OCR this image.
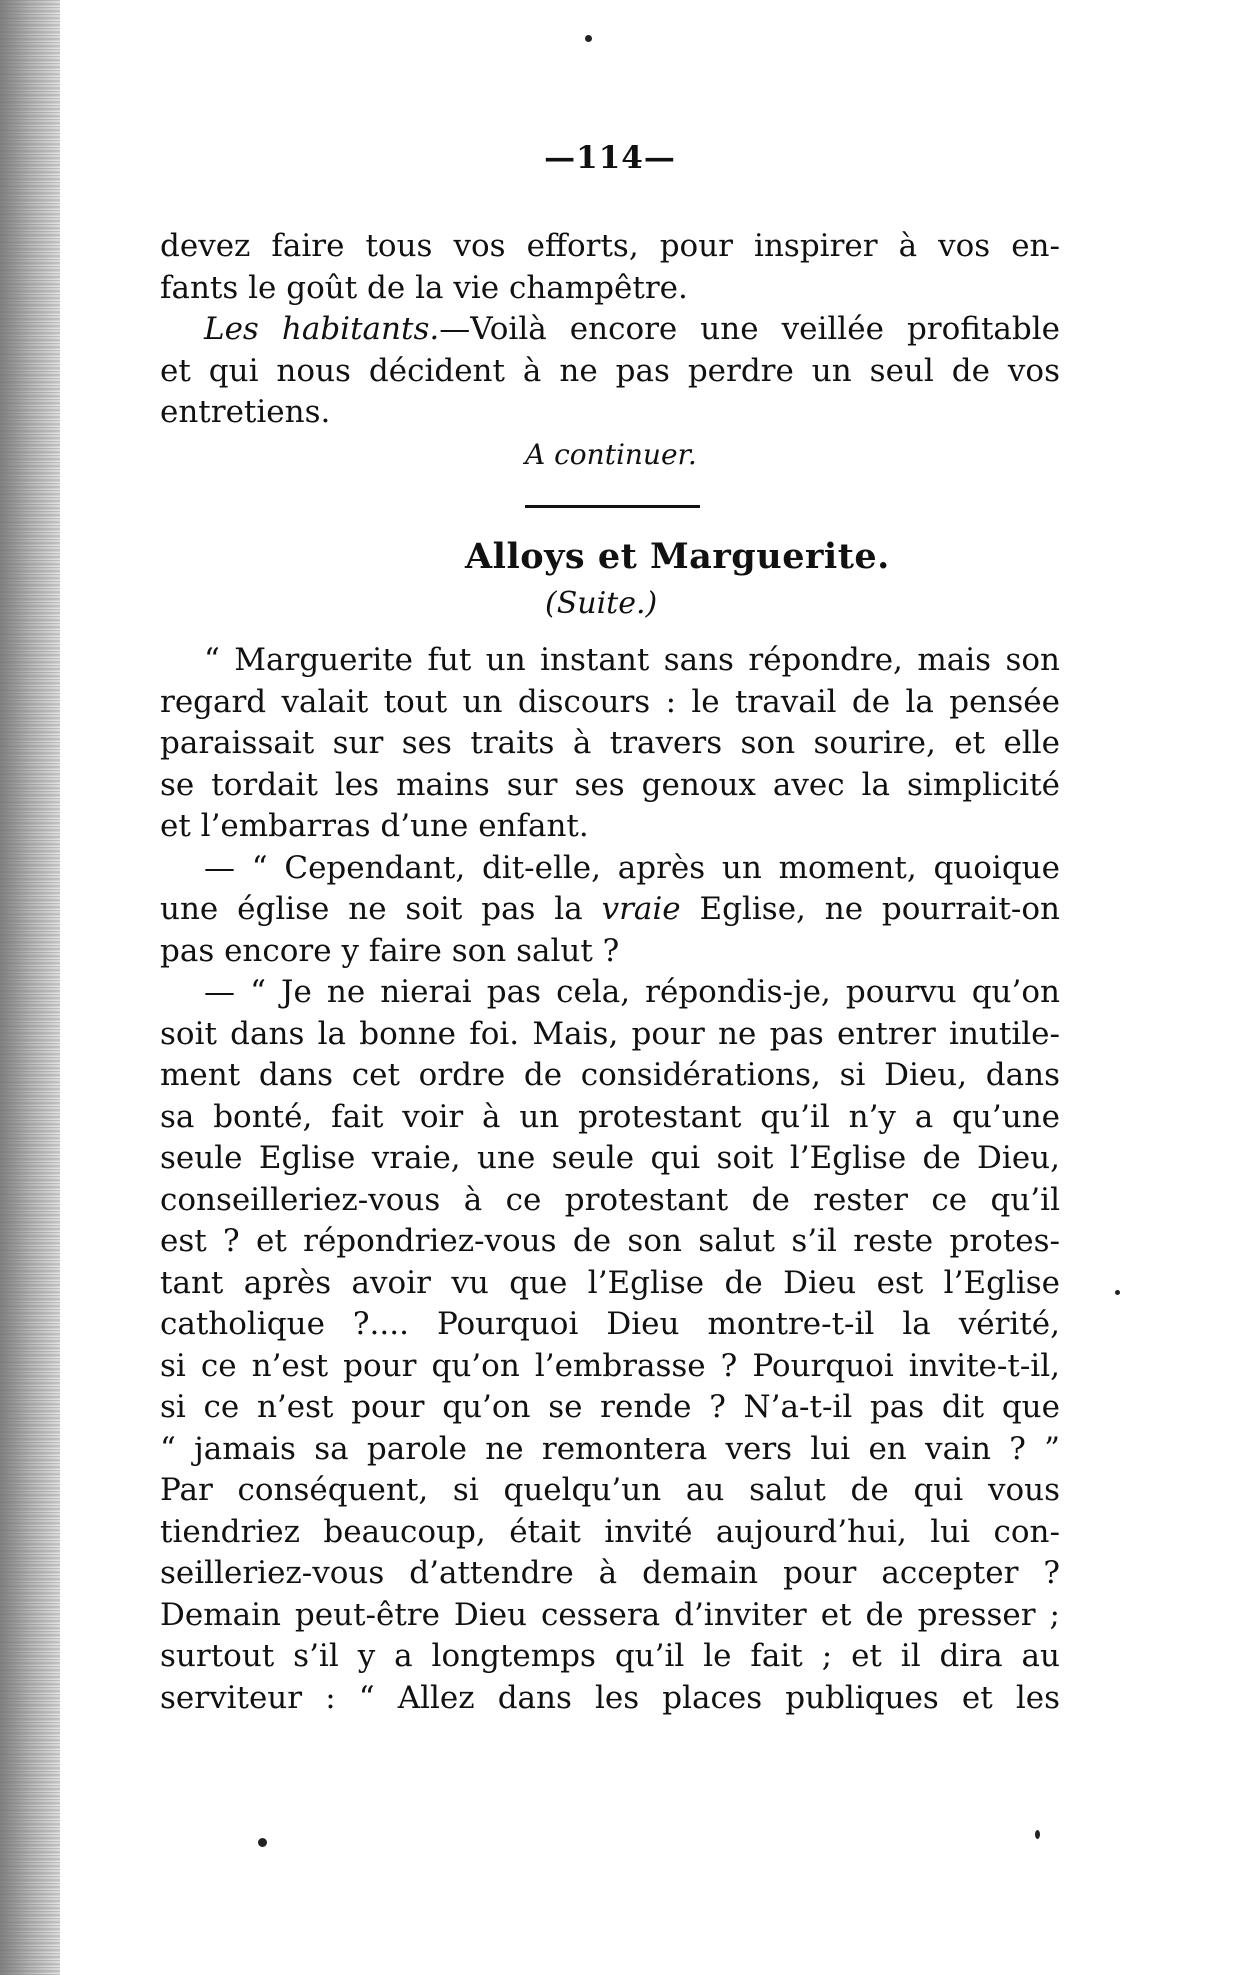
—114—
devez faire tous vos efforts, pour inspirer à vos en-
fants le goût de la vie champêtre.
Les habitants.—Voilà encore une veillée profitable
et qui nous décident à ne pas perdre un seul de vos
entretiens.
A continuer.
Alloys et Marguerite.
(Suite.)
“ Marguerite fut un instant sans répondre, mais son
regard valait tout un discours : le travail de la pensée
paraissait sur ses traits à travers son sourire, et elle
se tordait les mains sur ses genoux avec la simplicité
et l’embarras d’une enfant.
— “ Cependant, dit-elle, après un moment, quoique
une église ne soit pas la vraie Eglise, ne pourrait-on
pas encore y faire son salut ?
— “ Je ne nierai pas cela, répondis-je, pourvu qu’on
soit dans la bonne foi. Mais, pour ne pas entrer inutile-
ment dans cet ordre de considérations, si Dieu, dans
sa bonté, fait voir à un protestant qu’il n’y a qu’une
seule Eglise vraie, une seule qui soit l’Eglise de Dieu,
conseilleriez-vous à ce protestant de rester ce qu’il
est ? et répondriez-vous de son salut s’il reste protes-
tant après avoir vu que l’Eglise de Dieu est l’Eglise
catholique ?.... Pourquoi Dieu montre-t-il la vérité,
si ce n’est pour qu’on l’embrasse ? Pourquoi invite-t-il,
si ce n’est pour qu’on se rende ? N’a-t-il pas dit que
“ jamais sa parole ne remontera vers lui en vain ? ”
Par conséquent, si quelqu’un au salut de qui vous
tiendriez beaucoup, était invité aujourd’hui, lui con-
seilleriez-vous d’attendre à demain pour accepter ?
Demain peut-être Dieu cessera d’inviter et de presser ;
surtout s’il y a longtemps qu’il le fait ; et il dira au
serviteur : “ Allez dans les places publiques et les
